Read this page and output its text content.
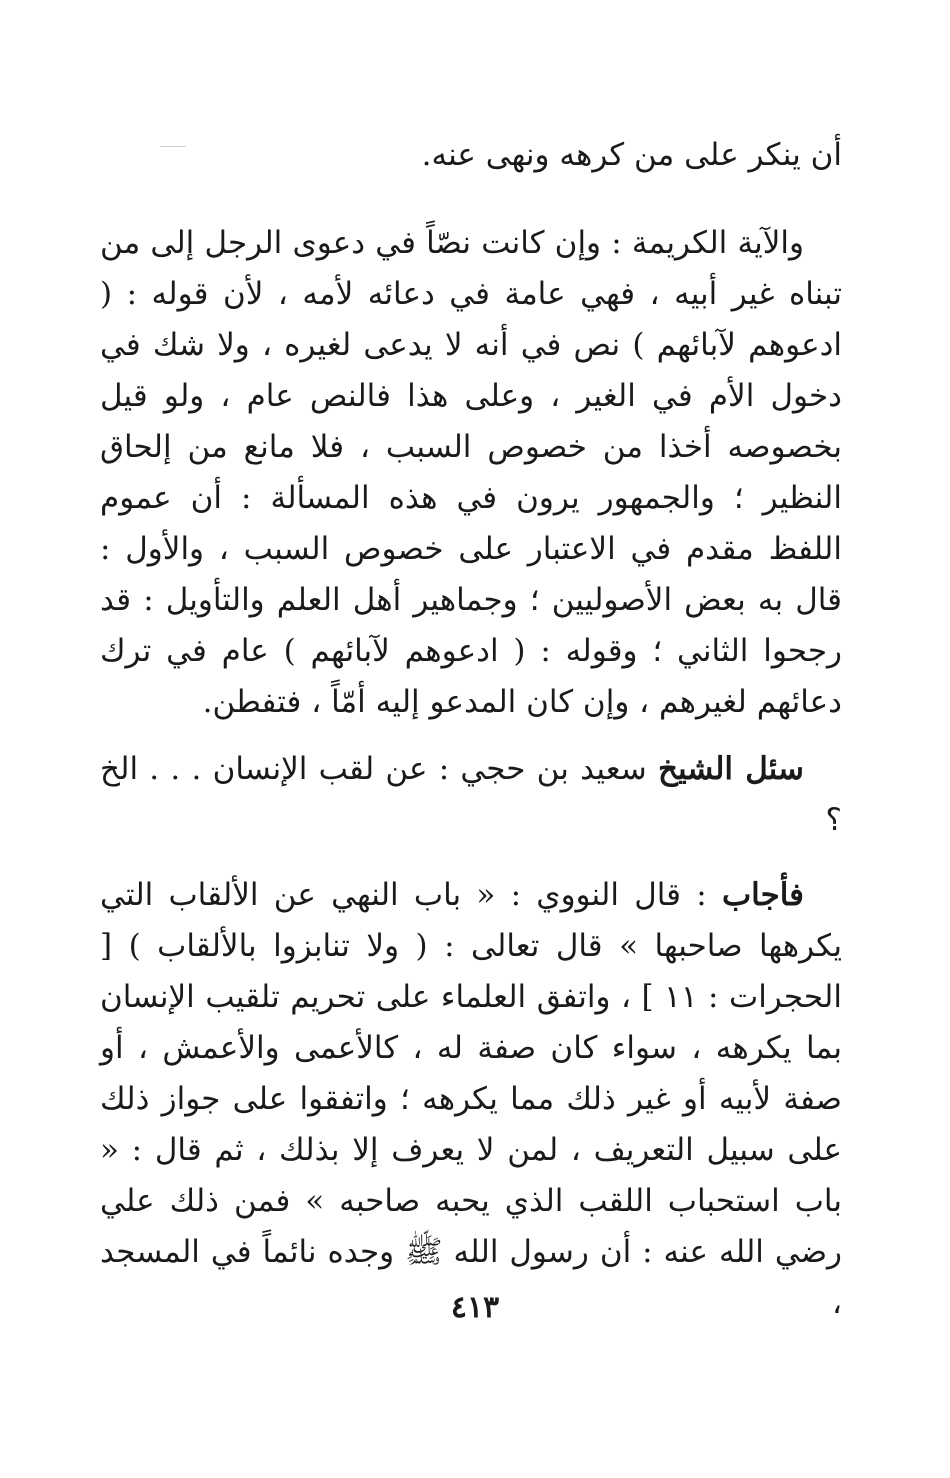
أن ينكر على من كرهه ونهى عنه.

والآية الكريمة : وإن كانت نصّاً في دعوى الرجل إلى من تبناه غير أبيه ، فهي عامة في دعائه لأمه ، لأن قوله : ( ادعوهم لآبائهم ) نص في أنه لا يدعى لغيره ، ولا شك في دخول الأم في الغير ، وعلى هذا فالنص عام ، ولو قيل بخصوصه أخذا من خصوص السبب ، فلا مانع من إلحاق النظير ؛ والجمهور يرون في هذه المسألة : أن عموم اللفظ مقدم في الاعتبار على خصوص السبب ، والأول : قال به بعض الأصوليين ؛ وجماهير أهل العلم والتأويل : قد رجحوا الثاني ؛ وقوله : ( ادعوهم لآبائهم ) عام في ترك دعائهم لغيرهم ، وإن كان المدعو إليه أمّاً ، فتفطن.

سئل الشيخ سعيد بن حجي : عن لقب الإنسان . . . الخ ؟

فأجاب : قال النووي : « باب النهي عن الألقاب التي يكرهها صاحبها » قال تعالى : ( ولا تنابزوا بالألقاب ) [ الحجرات : ١١ ] ، واتفق العلماء على تحريم تلقيب الإنسان بما يكرهه ، سواء كان صفة له ، كالأعمى والأعمش ، أو صفة لأبيه أو غير ذلك مما يكرهه ؛ واتفقوا على جواز ذلك على سبيل التعريف ، لمن لا يعرف إلا بذلك ، ثم قال : « باب استحباب اللقب الذي يحبه صاحبه » فمن ذلك علي رضي الله عنه : أن رسول الله ﷺ وجده نائماً في المسجد ،

٤١٣
